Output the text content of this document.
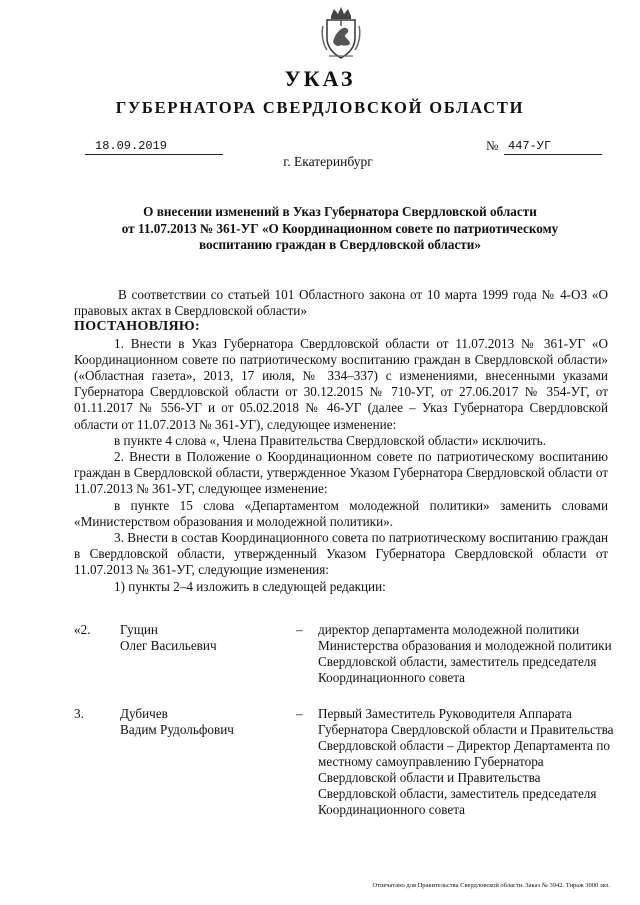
УКАЗ
ГУБЕРНАТОРА СВЕРДЛОВСКОЙ ОБЛАСТИ
18.09.2019	№ 447-УГ
г. Екатеринбург
О внесении изменений в Указ Губернатора Свердловской области
от 11.07.2013 № 361-УГ «О Координационном совете по патриотическому
воспитанию граждан в Свердловской области»

В соответствии со статьей 101 Областного закона от 10 марта 1999 года № 4-ОЗ «О правовых актах в Свердловской области»

ПОСТАНОВЛЯЮ:

1. Внести в Указ Губернатора Свердловской области от 11.07.2013 № 361-УГ «О Координационном совете по патриотическому воспитанию граждан в Свердловской области» («Областная газета», 2013, 17 июля, № 334–337) с изменениями, внесенными указами Губернатора Свердловской области от 30.12.2015 № 710-УГ, от 27.06.2017 № 354-УГ, от 01.11.2017 № 556-УГ и от 05.02.2018 № 46-УГ (далее – Указ Губернатора Свердловской области от 11.07.2013 № 361-УГ), следующее изменение:

в пункте 4 слова «, Члена Правительства Свердловской области» исключить.

2. Внести в Положение о Координационном совете по патриотическому воспитанию граждан в Свердловской области, утвержденное Указом Губернатора Свердловской области от 11.07.2013 № 361-УГ, следующее изменение:

в пункте 15 слова «Департаментом молодежной политики» заменить словами «Министерством образования и молодежной политики».

3. Внести в состав Координационного совета по патриотическому воспитанию граждан в Свердловской области, утвержденный Указом Губернатора Свердловской области от 11.07.2013 № 361-УГ, следующие изменения:

1) пункты 2–4 изложить в следующей редакции:

«2. Гущин
Олег Васильевич
– директор департамента молодежной политики Министерства образования и молодежной политики Свердловской области, заместитель председателя Координационного совета
3.	Дубичев
Вадим Рудольфович
– Первый Заместитель Руководителя Аппарата Губернатора Свердловской области и Правительства Свердловской области – Директор Департамента по местному самоуправлению Губернатора Свердловской области и Правительства Свердловской области, заместитель председателя Координационного совета
Отпечатано для Правительства Свердловской области. Заказ № 3942. Тираж 3000 экз.
